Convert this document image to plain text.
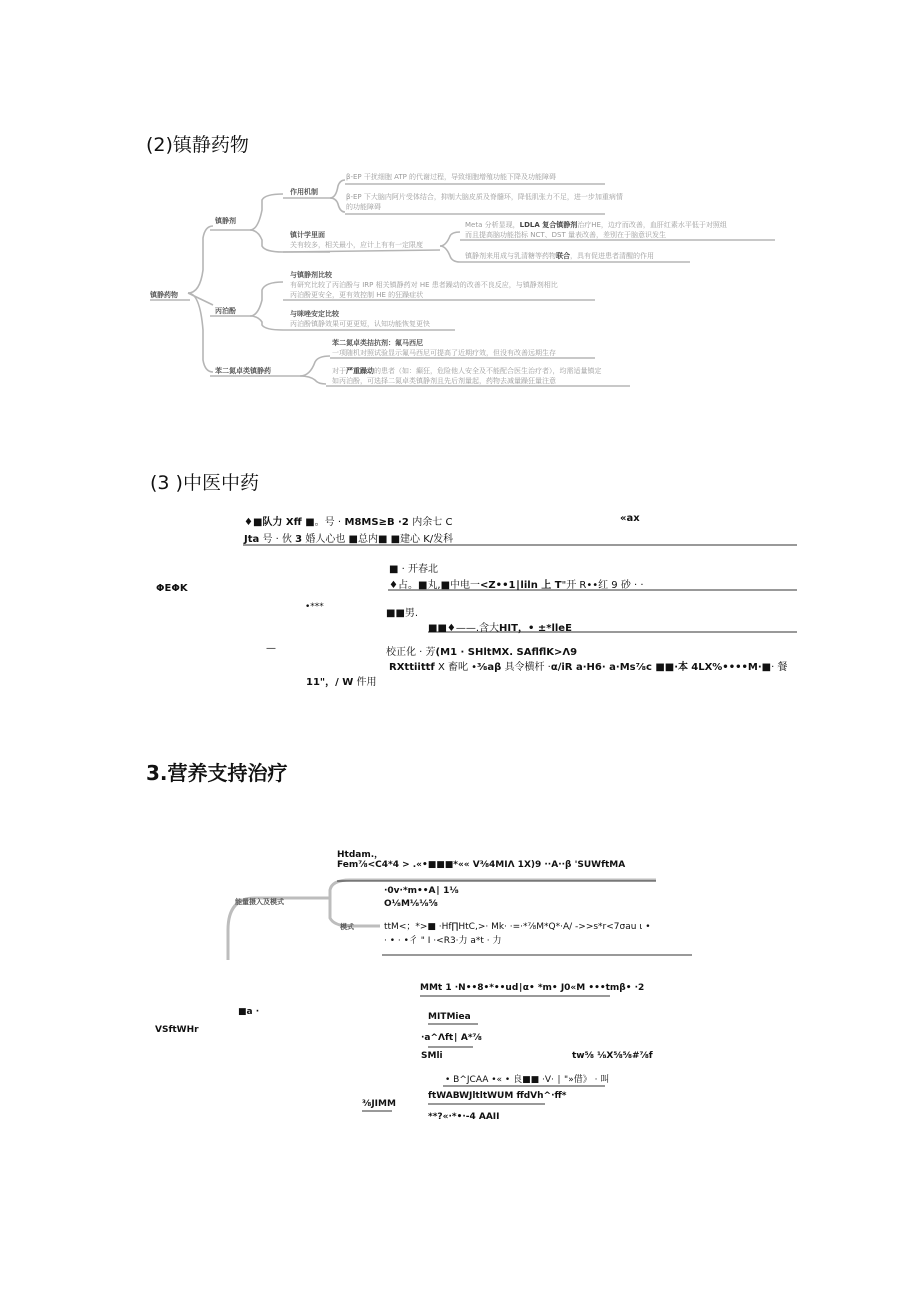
(2)镇静药物
镇静药物
镇静剂
作用机制
β-EP 干扰细胞 ATP 的代谢过程，导致细胞增殖功能下降及功能障碍
β-EP 下大脑内阿片受体结合，抑制大脑皮质及脊髓环，降低肌张力不足，进一步加重病情
的功能障碍
镇计学里面
关有较多，相关最小，应计上有有一定限度
Meta 分析显现，LDLA 复合镇静剂治疗HE，边疗而改善，血肝红素水平低于对照组
而且提高脑功能指标 NCT、DST 量表改善，差别在于脑意识发生
镇静剂来用成与乳清糖等药物联合，具有促进患者清醒的作用
丙泊酚
与镇静剂比较
有研究比较了丙泊酚与 IRP 相关镇静药对 HE 患者躁动的改善不良反应，与镇静剂相比
丙泊酚更安全，更有效控制 HE 的狂躁症状
与咪唑安定比较
丙泊酚镇静效果可更更短，认知功能恢复更快
苯二氮卓类镇静药
苯二氮卓类拮抗剂：氟马西尼
一项随机对照试验显示氟马西尼可提高了近期疗效，但没有改善远期生存
对于严重躁动的患者（如：癫狂，危险他人安全及不能配合医生治疗者），均需适量镇定
如丙泊酚，可选择二氮卓类镇静剂且先后剂量起，药物去减量躁狂量注意
(3 )中医中药
♦■队力 Xff ■。号 · M8MS≥B ·2 内余七 C	«ax
Jta 号 · 伙 3 婚人心也 ■总内■ ■建心 K/发科
ΦEΦK
■ · 开春北
♦占。■丸,■中电一<Z••1∣liln 上 T"开 R••红 9 砂 · ·
•***
■■男.
■■♦——.含大HIT，• ±*lleE
—	校正化 · 芳(M1 · SHltMX. SAflflK>Λ9
RXttiittf X 畜叱 •⅜aβ 具令横杆 ·α∕iR a·H6· a·Ms⅞c ■■·本 4LX%••••M·■· 餐
11"，/ W 件用
3.营养支持治疗
能量摄入及模式
模式
Htdam.，
Fem⅞<C4*4 > .«•■■■*«« V⅜4MIΛ 1X)9 ··A··β 'SUWftMA
·0v·*m••A∣ 1⅛
O⅛M⅛⅛⅝
ttM<；*>■ ·Hf∏HtC,>· Mk· ·=·*⅞M*Q*·A/ ->>s*r<7σau ι •
· • · •彳 " I ·<R3·力 a*t · 力
■a ·
VSftWHr
MMt 1 ·N••8•*••ud∣α• *m• J0«M •••tmβ• ·2
MITMiea
·a^Λft∣ A*⅞
SMli	tw⅝ ⅛X⅝⅝#⅞f
• B^JCAA •« • 良■■ ·V· ∣ "»借》 · 叫
ftWABWJltltWUM ffdVh^·ff*
⅜JIMM
**?«·*•·-4 AAII
